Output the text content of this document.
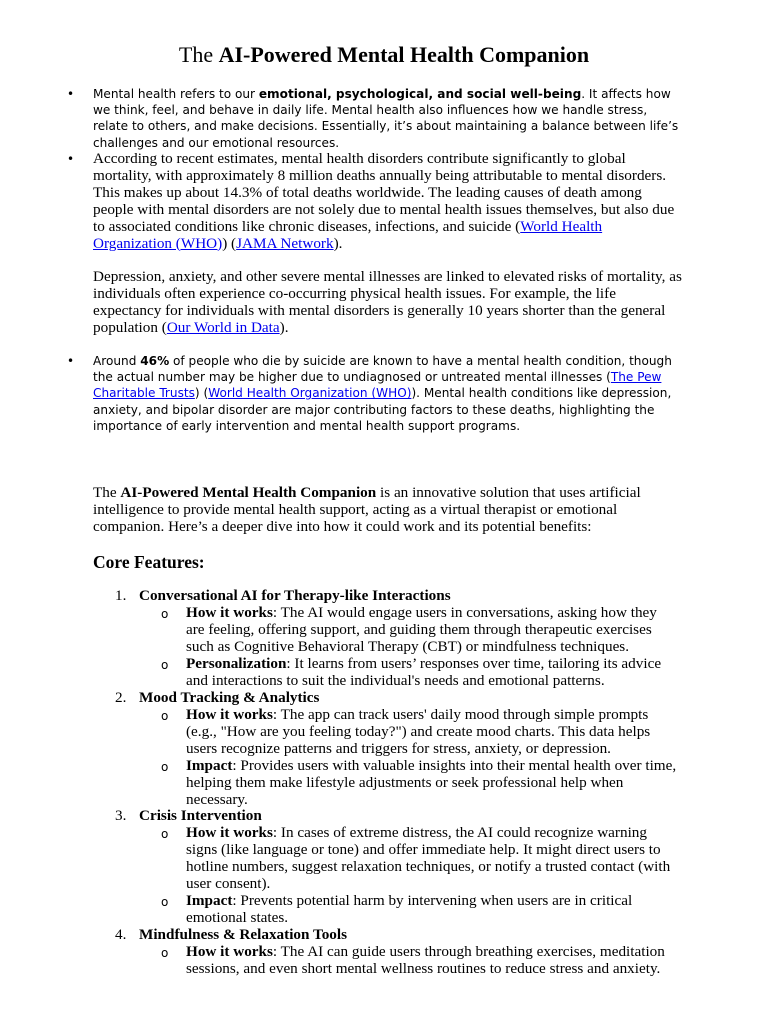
The AI-Powered Mental Health Companion
• Mental health refers to our emotional, psychological, and social well-being. It affects how we think, feel, and behave in daily life. Mental health also influences how we handle stress, relate to others, and make decisions. Essentially, it’s about maintaining a balance between life’s challenges and our emotional resources.
• According to recent estimates, mental health disorders contribute significantly to global mortality, with approximately 8 million deaths annually being attributable to mental disorders. This makes up about 14.3% of total deaths worldwide. The leading causes of death among people with mental disorders are not solely due to mental health issues themselves, but also due to associated conditions like chronic diseases, infections, and suicide (World Health Organization (WHO)) (JAMA Network).
Depression, anxiety, and other severe mental illnesses are linked to elevated risks of mortality, as individuals often experience co-occurring physical health issues. For example, the life expectancy for individuals with mental disorders is generally 10 years shorter than the general population (Our World in Data).
• Around 46% of people who die by suicide are known to have a mental health condition, though the actual number may be higher due to undiagnosed or untreated mental illnesses (The Pew Charitable Trusts) (World Health Organization (WHO)). Mental health conditions like depression, anxiety, and bipolar disorder are major contributing factors to these deaths, highlighting the importance of early intervention and mental health support programs.
The AI-Powered Mental Health Companion is an innovative solution that uses artificial intelligence to provide mental health support, acting as a virtual therapist or emotional companion. Here’s a deeper dive into how it could work and its potential benefits:
Core Features:
1. Conversational AI for Therapy-like Interactions
o How it works: The AI would engage users in conversations, asking how they are feeling, offering support, and guiding them through therapeutic exercises such as Cognitive Behavioral Therapy (CBT) or mindfulness techniques.
o Personalization: It learns from users’ responses over time, tailoring its advice and interactions to suit the individual's needs and emotional patterns.
2. Mood Tracking & Analytics
o How it works: The app can track users' daily mood through simple prompts (e.g., "How are you feeling today?") and create mood charts. This data helps users recognize patterns and triggers for stress, anxiety, or depression.
o Impact: Provides users with valuable insights into their mental health over time, helping them make lifestyle adjustments or seek professional help when necessary.
3. Crisis Intervention
o How it works: In cases of extreme distress, the AI could recognize warning signs (like language or tone) and offer immediate help. It might direct users to hotline numbers, suggest relaxation techniques, or notify a trusted contact (with user consent).
o Impact: Prevents potential harm by intervening when users are in critical emotional states.
4. Mindfulness & Relaxation Tools
o How it works: The AI can guide users through breathing exercises, meditation sessions, and even short mental wellness routines to reduce stress and anxiety.
